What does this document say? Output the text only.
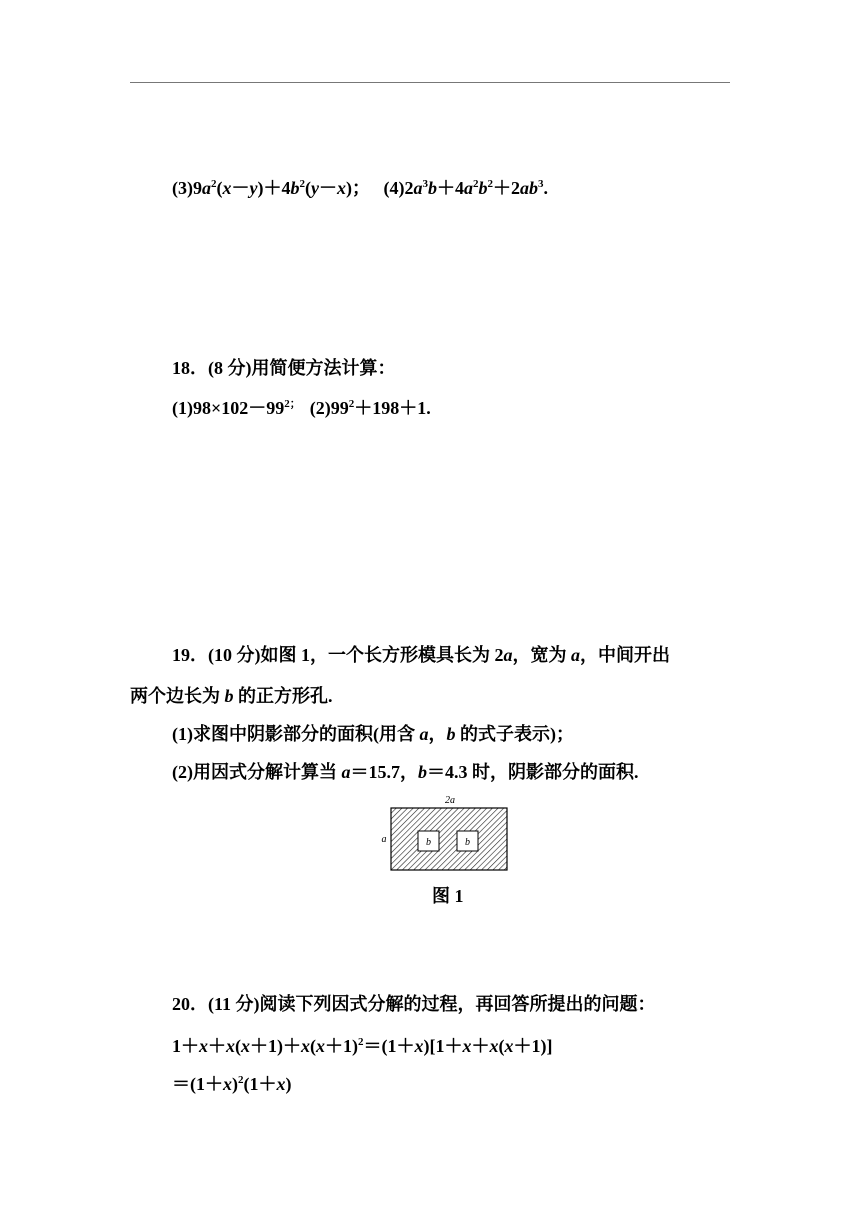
$(3)9a^2(x-y)+4b^2(y-x)$； $(4)2a^3b+4a^2b^2+2ab^3$.
18．(8 分)用简便方法计算：
$(1)98\times 102-99^{2;}$ $(2)99^2+198+1$.
19．(10 分)如图 1，一个长方形模具长为 2a，宽为 a，中间开出
两个边长为 b 的正方形孔.
(1)求图中阴影部分的面积(用含 a，b 的式子表示)；
(2)用因式分解计算当 a＝15.7，b＝4.3 时，阴影部分的面积.
2a
a	b	b
图 1
20．(11 分)阅读下列因式分解的过程，再回答所提出的问题：
$1+x+x(x+1)+x(x+1)^2=(1+x)[1+x+x(x+1)]$
$=(1+x)^2(1+x)$
